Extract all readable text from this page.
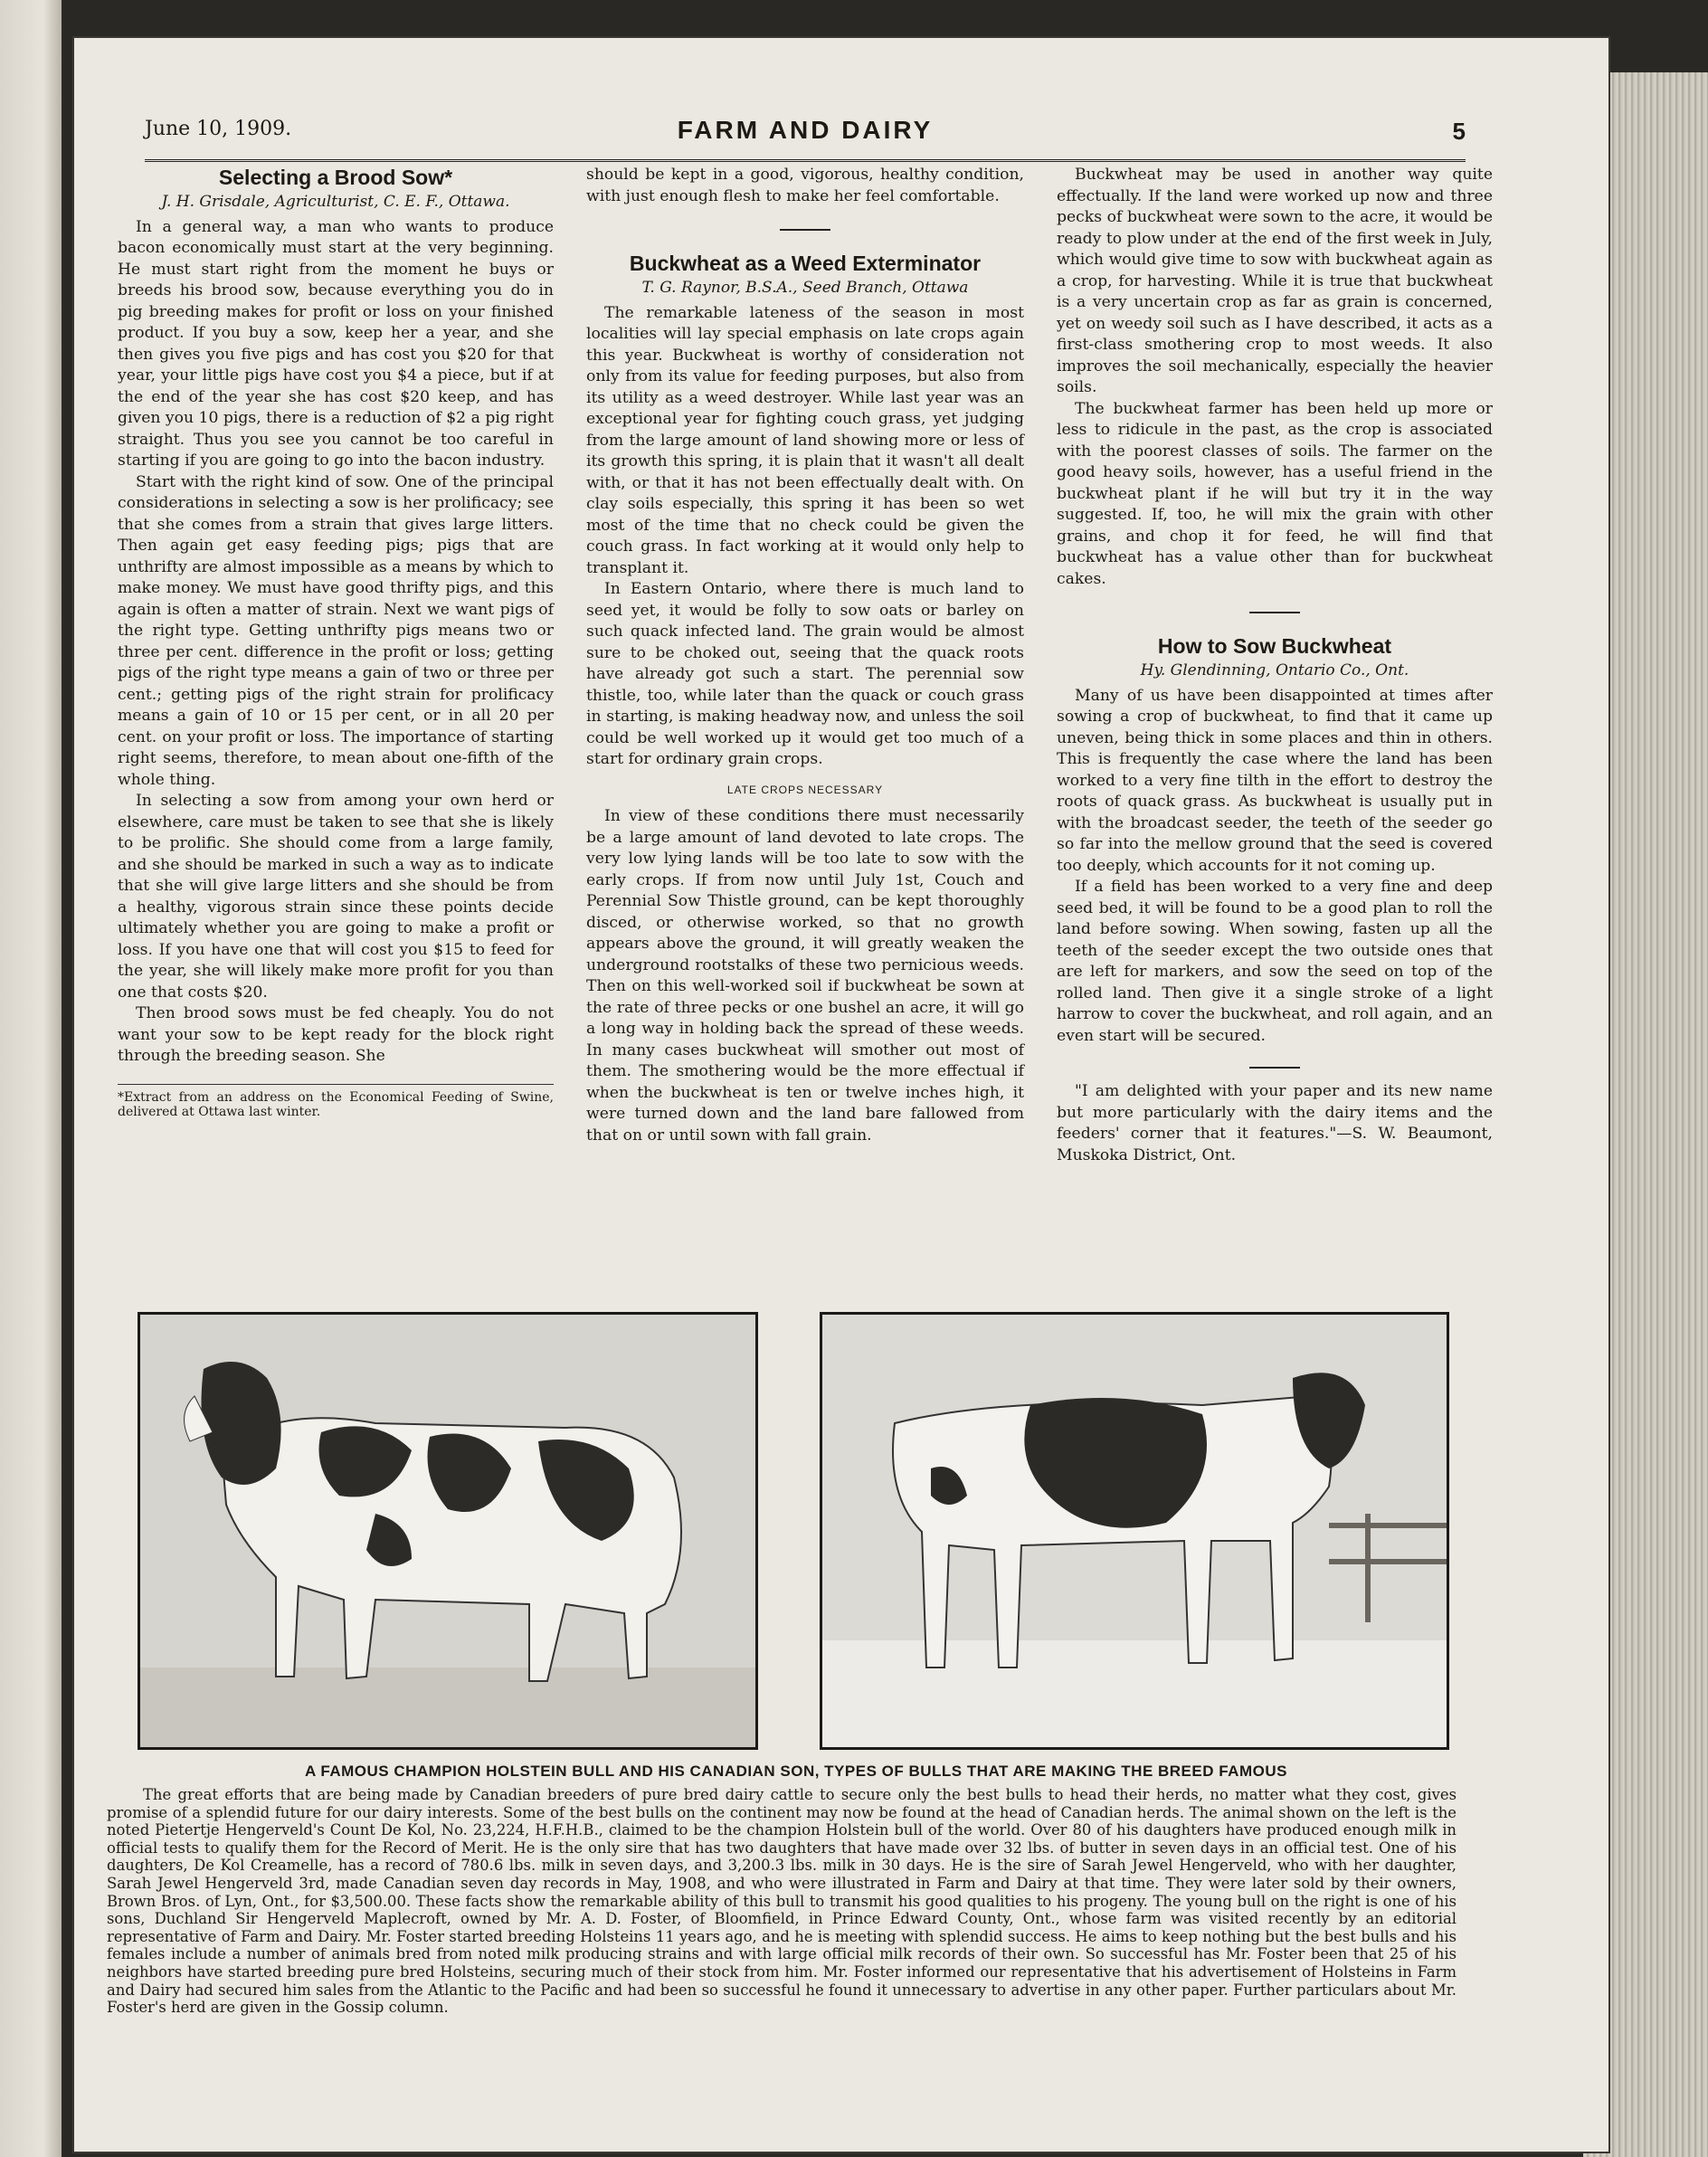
June 10, 1909.	FARM AND DAIRY	5
Selecting a Brood Sow*
J. H. Grisdale, Agriculturist, C. E. F., Ottawa.

In a general way, a man who wants to produce bacon economically must start at the very beginning. He must start right from the moment he buys or breeds his brood sow, because everything you do in pig breeding makes for profit or loss on your finished product. If you buy a sow, keep her a year, and she then gives you five pigs and has cost you $20 for that year, your little pigs have cost you $4 a piece, but if at the end of the year she has cost $20 keep, and has given you 10 pigs, there is a reduction of $2 a pig right straight. Thus you see you cannot be too careful in starting if you are going to go into the bacon industry.

Start with the right kind of sow. One of the principal considerations in selecting a sow is her prolificacy; see that she comes from a strain that gives large litters. Then again get easy feeding pigs; pigs that are unthrifty are almost impossible as a means by which to make money. We must have good thrifty pigs, and this again is often a matter of strain. Next we want pigs of the right type. Getting unthrifty pigs means two or three per cent. difference in the profit or loss; getting pigs of the right type means a gain of two or three per cent.; getting pigs of the right strain for prolificacy means a gain of 10 or 15 per cent, or in all 20 per cent. on your profit or loss. The importance of starting right seems, therefore, to mean about one-fifth of the whole thing.

In selecting a sow from among your own herd or elsewhere, care must be taken to see that she is likely to be prolific. She should come from a large family, and she should be marked in such a way as to indicate that she will give large litters and she should be from a healthy, vigorous strain since these points decide ultimately whether you are going to make a profit or loss. If you have one that will cost you $15 to feed for the year, she will likely make more profit for you than one that costs $20.

Then brood sows must be fed cheaply. You do not want your sow to be kept ready for the block right through the breeding season. She

*Extract from an address on the Economical Feeding of Swine, delivered at Ottawa last winter.

should be kept in a good, vigorous, healthy condition, with just enough flesh to make her feel comfortable.

Buckwheat as a Weed Exterminator
T. G. Raynor, B.S.A., Seed Branch, Ottawa

The remarkable lateness of the season in most localities will lay special emphasis on late crops again this year. Buckwheat is worthy of consideration not only from its value for feeding purposes, but also from its utility as a weed destroyer. While last year was an exceptional year for fighting couch grass, yet judging from the large amount of land showing more or less of its growth this spring, it is plain that it wasn't all dealt with, or that it has not been effectually dealt with. On clay soils especially, this spring it has been so wet most of the time that no check could be given the couch grass. In fact working at it would only help to transplant it.

In Eastern Ontario, where there is much land to seed yet, it would be folly to sow oats or barley on such quack infected land. The grain would be almost sure to be choked out, seeing that the quack roots have already got such a start. The perennial sow thistle, too, while later than the quack or couch grass in starting, is making headway now, and unless the soil could be well worked up it would get too much of a start for ordinary grain crops.

LATE CROPS NECESSARY

In view of these conditions there must necessarily be a large amount of land devoted to late crops. The very low lying lands will be too late to sow with the early crops. If from now until July 1st, Couch and Perennial Sow Thistle ground, can be kept thoroughly disced, or otherwise worked, so that no growth appears above the ground, it will greatly weaken the underground rootstalks of these two pernicious weeds. Then on this well-worked soil if buckwheat be sown at the rate of three pecks or one bushel an acre, it will go a long way in holding back the spread of these weeds. In many cases buckwheat will smother out most of them. The smothering would be the more effectual if when the buckwheat is ten or twelve inches high, it were turned down and the land bare fallowed from that on or until sown with fall grain.

Buckwheat may be used in another way quite effectually. If the land were worked up now and three pecks of buckwheat were sown to the acre, it would be ready to plow under at the end of the first week in July, which would give time to sow with buckwheat again as a crop, for harvesting. While it is true that buckwheat is a very uncertain crop as far as grain is concerned, yet on weedy soil such as I have described, it acts as a first-class smothering crop to most weeds. It also improves the soil mechanically, especially the heavier soils.

The buckwheat farmer has been held up more or less to ridicule in the past, as the crop is associated with the poorest classes of soils. The farmer on the good heavy soils, however, has a useful friend in the buckwheat plant if he will but try it in the way suggested. If, too, he will mix the grain with other grains, and chop it for feed, he will find that buckwheat has a value other than for buckwheat cakes.

How to Sow Buckwheat
Hy. Glendinning, Ontario Co., Ont.

Many of us have been disappointed at times after sowing a crop of buckwheat, to find that it came up uneven, being thick in some places and thin in others. This is frequently the case where the land has been worked to a very fine tilth in the effort to destroy the roots of quack grass. As buckwheat is usually put in with the broadcast seeder, the teeth of the seeder go so far into the mellow ground that the seed is covered too deeply, which accounts for it not coming up.

If a field has been worked to a very fine and deep seed bed, it will be found to be a good plan to roll the land before sowing. When sowing, fasten up all the teeth of the seeder except the two outside ones that are left for markers, and sow the seed on top of the rolled land. Then give it a single stroke of a light harrow to cover the buckwheat, and roll again, and an even start will be secured.

"I am delighted with your paper and its new name but more particularly with the dairy items and the feeders' corner that it features."—S. W. Beaumont, Muskoka District, Ont.

A FAMOUS CHAMPION HOLSTEIN BULL AND HIS CANADIAN SON, TYPES OF BULLS THAT ARE MAKING THE BREED FAMOUS

The great efforts that are being made by Canadian breeders of pure bred dairy cattle to secure only the best bulls to head their herds, no matter what they cost, gives promise of a splendid future for our dairy interests. Some of the best bulls on the continent may now be found at the head of Canadian herds. The animal shown on the left is the noted Pietertje Hengerveld's Count De Kol, No. 23,224, H.F.H.B., claimed to be the champion Holstein bull of the world. Over 80 of his daughters have produced enough milk in official tests to qualify them for the Record of Merit. He is the only sire that has two daughters that have made over 32 lbs. of butter in seven days in an official test. One of his daughters, De Kol Creamelle, has a record of 780.6 lbs. milk in seven days, and 3,200.3 lbs. milk in 30 days. He is the sire of Sarah Jewel Hengerveld, who with her daughter, Sarah Jewel Hengerveld 3rd, made Canadian seven day records in May, 1908, and who were illustrated in Farm and Dairy at that time. They were later sold by their owners, Brown Bros. of Lyn, Ont., for $3,500.00. These facts show the remarkable ability of this bull to transmit his good qualities to his progeny. The young bull on the right is one of his sons, Duchland Sir Hengerveld Maplecroft, owned by Mr. A. D. Foster, of Bloomfield, in Prince Edward County, Ont., whose farm was visited recently by an editorial representative of Farm and Dairy. Mr. Foster started breeding Holsteins 11 years ago, and he is meeting with splendid success. He aims to keep nothing but the best bulls and his females include a number of animals bred from noted milk producing strains and with large official milk records of their own. So successful has Mr. Foster been that 25 of his neighbors have started breeding pure bred Holsteins, securing much of their stock from him. Mr. Foster informed our representative that his advertisement of Holsteins in Farm and Dairy had secured him sales from the Atlantic to the Pacific and had been so successful he found it unnecessary to advertise in any other paper. Further particulars about Mr. Foster's herd are given in the Gossip column.
